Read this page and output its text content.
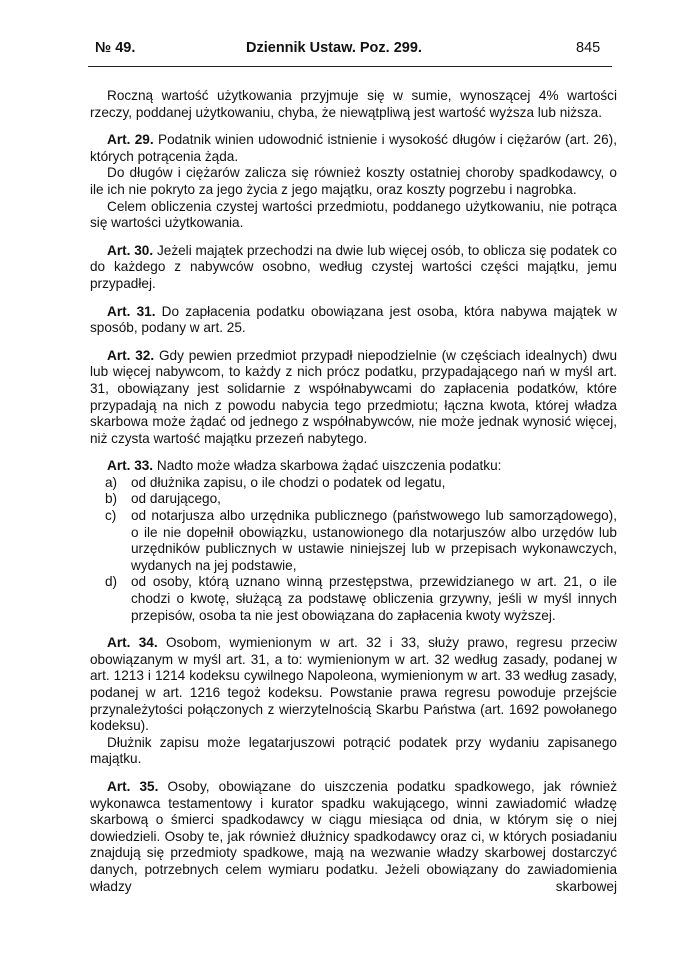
№ 49.	Dziennik Ustaw. Poz. 299.	845

Roczną wartość użytkowania przyjmuje się w sumie, wynoszącej 4% wartości rzeczy, poddanej użytkowaniu, chyba, że niewątpliwą jest wartość wyższa lub niższa.

Art. 29. Podatnik winien udowodnić istnienie i wysokość długów i ciężarów (art. 26), których potrącenia żąda.

Do długów i ciężarów zalicza się również koszty ostatniej choroby spadkodawcy, o ile ich nie pokryto za jego życia z jego majątku, oraz koszty pogrzebu i nagrobka.

Celem obliczenia czystej wartości przedmiotu, poddanego użytkowaniu, nie potrąca się wartości użytkowania.

Art. 30. Jeżeli majątek przechodzi na dwie lub więcej osób, to oblicza się podatek co do każdego z nabywców osobno, według czystej wartości części majątku, jemu przypadłej.

Art. 31. Do zapłacenia podatku obowiązana jest osoba, która nabywa majątek w sposób, podany w art. 25.

Art. 32. Gdy pewien przedmiot przypadł niepodzielnie (w częściach idealnych) dwu lub więcej nabywcom, to każdy z nich prócz podatku, przypadającego nań w myśl art. 31, obowiązany jest solidarnie z współnabywcami do zapłacenia podatków, które przypadają na nich z powodu nabycia tego przedmiotu; łączna kwota, której władza skarbowa może żądać od jednego z współnabywców, nie może jednak wynosić więcej, niż czysta wartość majątku przezeń nabytego.

Art. 33. Nadto może władza skarbowa żądać uiszczenia podatku:

a)	od dłużnika zapisu, o ile chodzi o podatek od legatu,
b)	od darującego,
c)	od notarjusza albo urzędnika publicznego (państwowego lub samorządowego), o ile nie dopełnił obowiązku, ustanowionego dla notarjuszów albo urzędów lub urzędników publicznych w ustawie niniejszej lub w przepisach wykonawczych, wydanych na jej podstawie,
d)	od osoby, którą uznano winną przestępstwa, przewidzianego w art. 21, o ile chodzi o kwotę, służącą za podstawę obliczenia grzywny, jeśli w myśl innych przepisów, osoba ta nie jest obowiązana do zapłacenia kwoty wyższej.

Art. 34. Osobom, wymienionym w art. 32 i 33, służy prawo, regresu przeciw obowiązanym w myśl art. 31, a to: wymienionym w art. 32 według zasady, podanej w art. 1213 i 1214 kodeksu cywilnego Napoleona, wymienionym w art. 33 według zasady, podanej w art. 1216 tegoż kodeksu. Powstanie prawa regresu powoduje przejście przynależytości połączonych z wierzytelnością Skarbu Państwa (art. 1692 powołanego kodeksu).

Dłużnik zapisu może legatarjuszowi potrącić podatek przy wydaniu zapisanego majątku.

Art. 35. Osoby, obowiązane do uiszczenia podatku spadkowego, jak również wykonawca testamentowy i kurator spadku wakującego, winni zawiadomić władzę skarbową o śmierci spadkodawcy w ciągu miesiąca od dnia, w którym się o niej dowiedzieli. Osoby te, jak również dłużnicy spadkodawcy oraz ci, w których posiadaniu znajdują się przedmioty spadkowe, mają na wezwanie władzy skarbowej dostarczyć danych, potrzebnych celem wymiaru podatku. Jeżeli obowiązany do zawiadomienia władzy skarbowej
